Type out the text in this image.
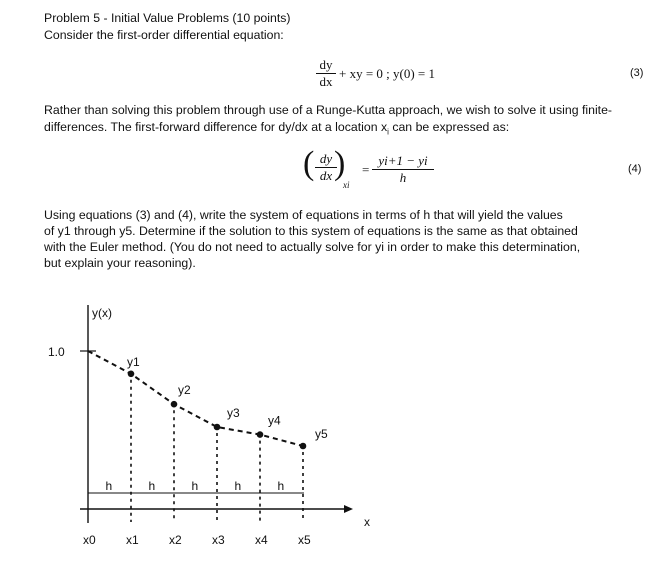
Problem 5 - Initial Value Problems (10 points)
Consider the first-order differential equation:
dy
dx
+ xy = 0 ; y(0) = 1	(3)
Rather than solving this problem through use of a Runge-Kutta approach, we wish to solve it using finite-
differences. The first-forward difference for dy/dx at a location $x_i$ can be expressed as:
( dy
dx )
xi
=
yi+1 − yi
h
(4)
Using equations (3) and (4), write the system of equations in terms of h that will yield the values
of y1 through y5. Determine if the solution to this system of equations is the same as that obtained
with the Euler method. (You do not need to actually solve for yi in order to make this determination,
but explain your reasoning).
y(x)
1.0
x
x0	x1	x2	x3	x4	x5
h	h	h	h	h
y1
y2
y3
y4
y5
